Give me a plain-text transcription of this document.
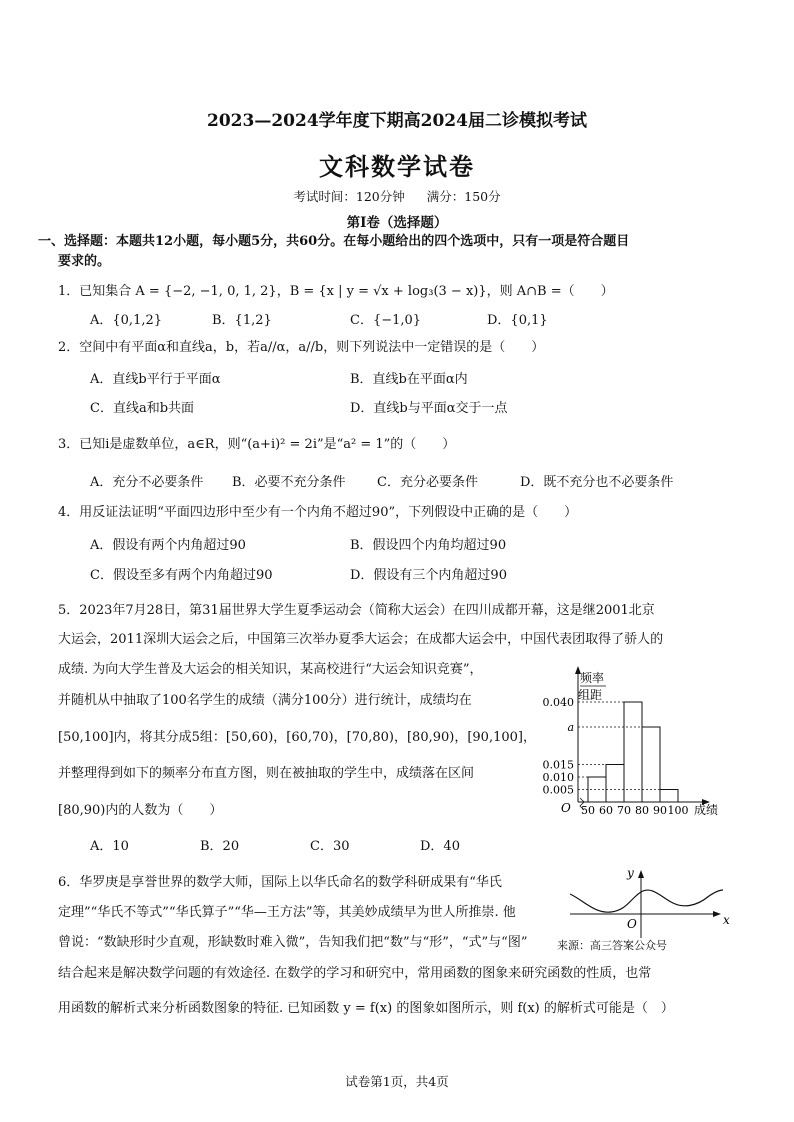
2023—2024学年度下期高2024届二诊模拟考试
文科数学试卷
考试时间：120分钟 满分：150分
第Ⅰ卷（选择题）
一、选择题：本题共12小题，每小题5分，共60分。在每小题给出的四个选项中，只有一项是符合题目
要求的。
1．已知集合 A = {−2, −1, 0, 1, 2}，B = {x | y = √x + log₃(3 − x)}，则 A∩B =（　　）
A．{0,1,2}	B．{1,2}	C．{−1,0}	D．{0,1}
2．空间中有平面α和直线a，b，若a//α，a//b，则下列说法中一定错误的是（　　）
A．直线b平行于平面α	B．直线b在平面α内
C．直线a和b共面	D．直线b与平面α交于一点
3．已知i是虚数单位，a∈R，则“(a+i)² = 2i”是“a² = 1”的（　　）
A．充分不必要条件 B．必要不充分条件 C．充分必要条件	D．既不充分也不必要条件
4．用反证法证明“平面四边形中至少有一个内角不超过90”，下列假设中正确的是（　　）
A．假设有两个内角超过90	B．假设四个内角均超过90
C．假设至多有两个内角超过90	D．假设有三个内角超过90
5．2023年7月28日，第31届世界大学生夏季运动会（简称大运会）在四川成都开幕，这是继2001北京
大运会，2011深圳大运会之后，中国第三次举办夏季大运会；在成都大运会中，中国代表团取得了骄人的
成绩. 为向大学生普及大运会的相关知识，某高校进行“大运会知识竞赛”，
并随机从中抽取了100名学生的成绩（满分100分）进行统计，成绩均在
[50,100]内，将其分成5组：[50,60)，[60,70)，[70,80)，[80,90)，[90,100]，
并整理得到如下的频率分布直方图，则在被抽取的学生中，成绩落在区间
[80,90)内的人数为（　　）
A．10	B．20	C．30	D．40
0.040
a
0.015
0.010
0.005
50 60 70 80 90 100
频率
组距
O	成绩
6．华罗庚是享誉世界的数学大师，国际上以华氏命名的数学科研成果有“华氏
定理”“华氏不等式”“华氏算子”“华—王方法”等，其美妙成绩早为世人所推崇. 他
曾说：“数缺形时少直观，形缺数时难入微”，告知我们把“数”与“形”，“式”与“图”	来源：高三答案公众号
结合起来是解决数学问题的有效途径. 在数学的学习和研究中，常用函数的图象来研究函数的性质，也常
用函数的解析式来分析函数图象的特征. 已知函数 y = f(x) 的图象如图所示，则 f(x) 的解析式可能是（　）
y
x
O
试卷第1页，共4页
